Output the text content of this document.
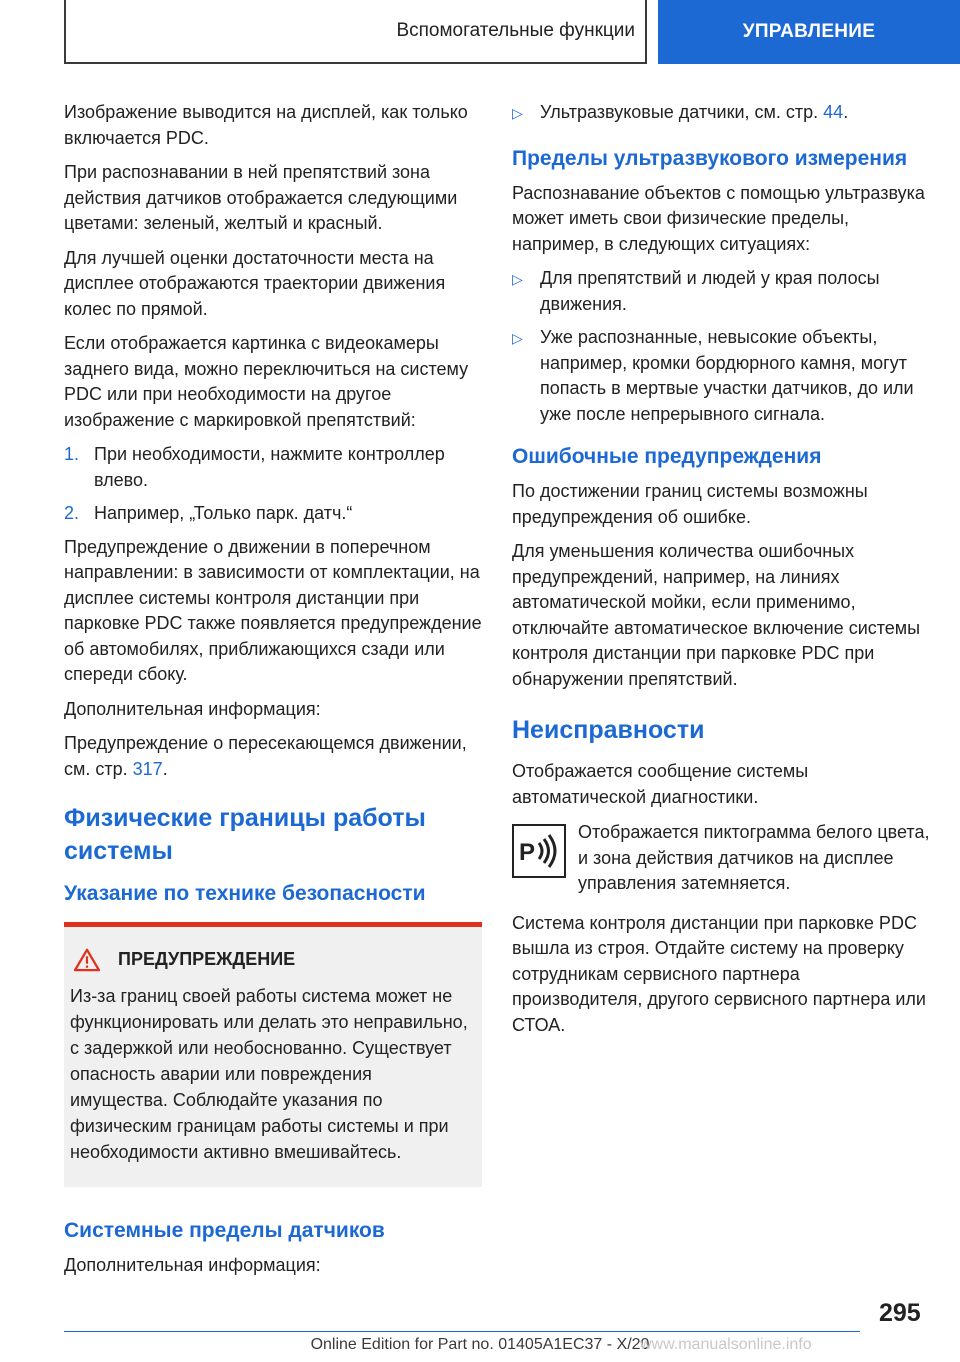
Вспомогательные функции	УПРАВЛЕНИЕ

Изображение выводится на дисплей, как только включается PDC.

При распознавании в ней препятствий зона действия датчиков отображается следующими цветами: зеленый, желтый и красный.

Для лучшей оценки достаточности места на дисплее отображаются траектории движения колес по прямой.

Если отображается картинка с видеокамеры заднего вида, можно переключиться на систему PDC или при необходимости на другое изображение с маркировкой препятствий:

1. При необходимости, нажмите контроллер влево.
2. Например, „Только парк. датч.“

Предупреждение о движении в поперечном направлении: в зависимости от комплектации, на дисплее системы контроля дистанции при парковке PDC также появляется предупреждение об автомобилях, приближающихся сзади или спереди сбоку.

Дополнительная информация:

Предупреждение о пересекающемся движении, см. стр. 317.

Физические границы работы системы
Указание по технике безопасности
ПРЕДУПРЕЖДЕНИЕ
Из-за границ своей работы система может не функционировать или делать это неправильно, с задержкой или необоснованно. Существует опасность аварии или повреждения имущества. Соблюдайте указания по физическим границам работы системы и при необходимости активно вмешивайтесь.
Системные пределы датчиков

Дополнительная информация:

▷ Ультразвуковые датчики, см. стр. 44.
Пределы ультразвукового измерения

Распознавание объектов с помощью ультразвука может иметь свои физические пределы, например, в следующих ситуациях:

▷ Для препятствий и людей у края полосы движения.
▷ Уже распознанные, невысокие объекты, например, кромки бордюрного камня, могут попасть в мертвые участки датчиков, до или уже после непрерывного сигнала.
Ошибочные предупреждения

По достижении границ системы возможны предупреждения об ошибке.

Для уменьшения количества ошибочных предупреждений, например, на линиях автоматической мойки, если применимо, отключайте автоматическое включение системы контроля дистанции при парковке PDC при обнаружении препятствий.

Неисправности

Отображается сообщение системы автоматической диагностики.

P
Отображается пиктограмма белого цвета, и зона действия датчиков на дисплее управления затемняется.

Система контроля дистанции при парковке PDC вышла из строя. Отдайте систему на проверку сотрудникам сервисного партнера производителя, другого сервисного партнера или СТОА.

295
Online Edition for Part no. 01405A1EC37 - X/20
www.manualsonline.info
